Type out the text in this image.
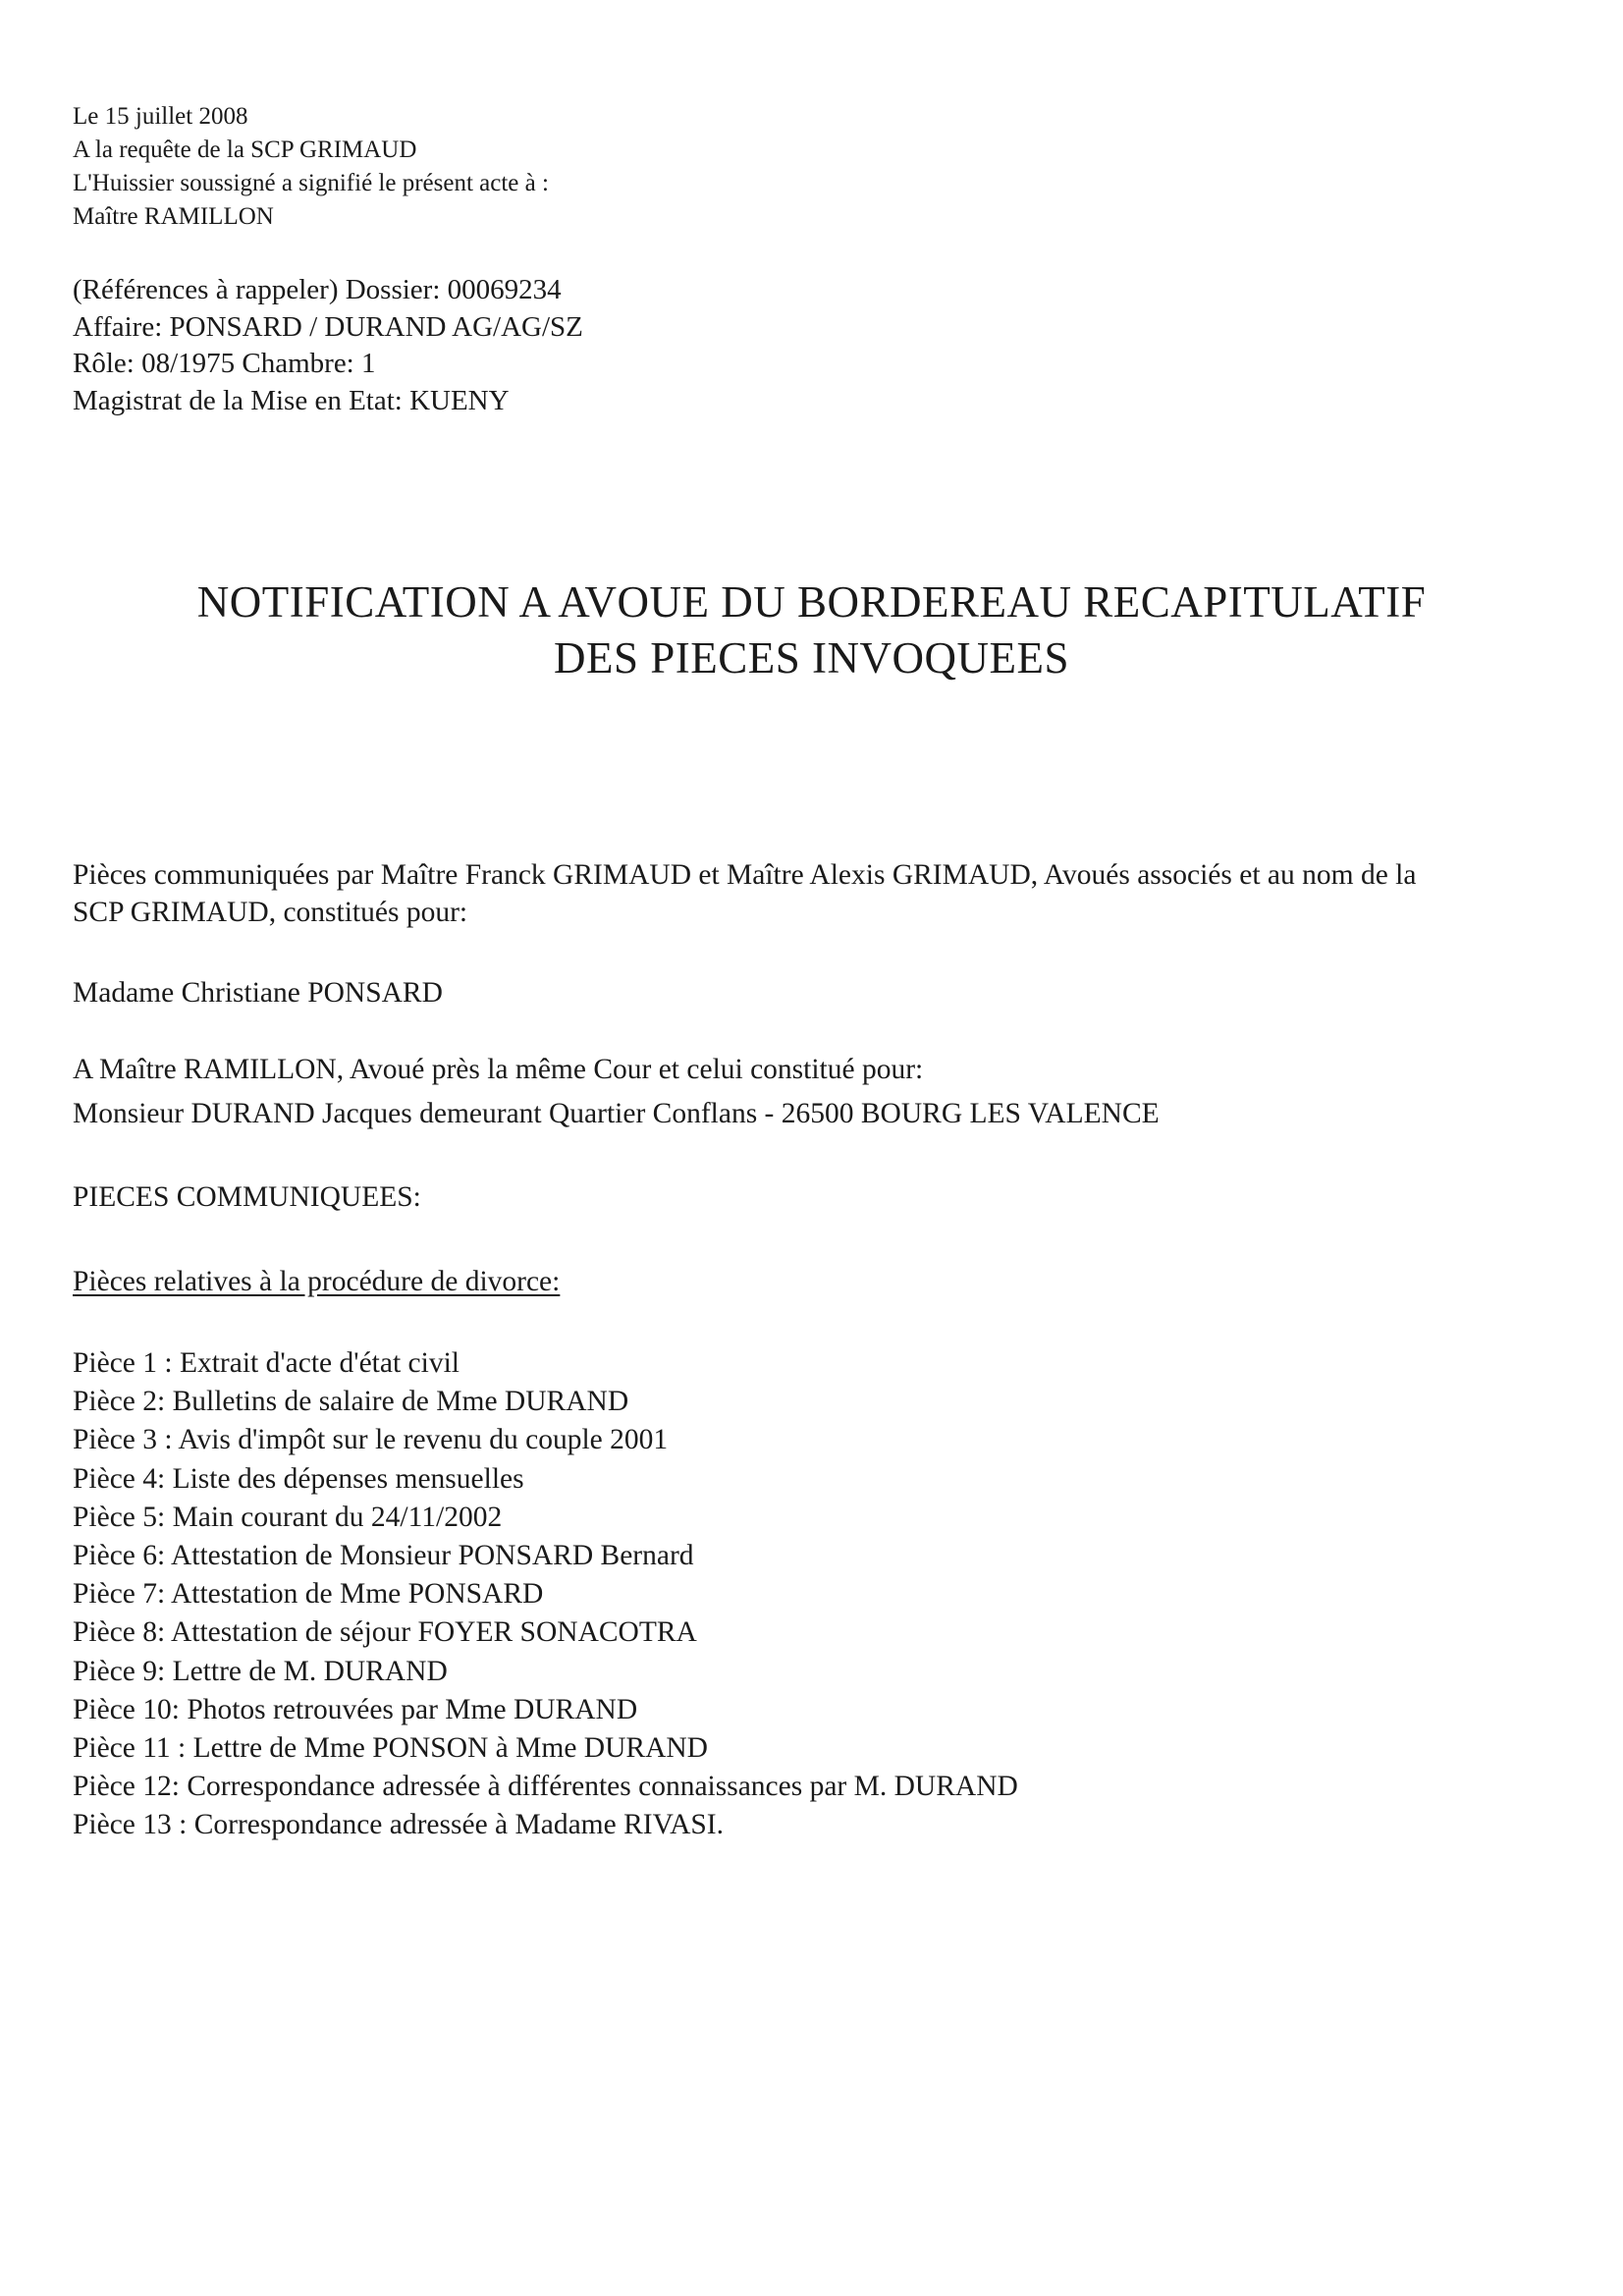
Le 15 juillet 2008
A la requête de la SCP GRIMAUD
L'Huissier soussigné a signifié le présent acte à :
Maître RAMILLON
(Références à rappeler) Dossier: 00069234
Affaire: PONSARD / DURAND AG/AG/SZ
Rôle: 08/1975 Chambre: 1
Magistrat de la Mise en Etat: KUENY
NOTIFICATION A AVOUE DU BORDEREAU RECAPITULATIF
DES PIECES INVOQUEES
Pièces communiquées par Maître Franck GRIMAUD et Maître Alexis GRIMAUD, Avoués associés et au nom de la SCP GRIMAUD, constitués pour:
Madame Christiane PONSARD
A Maître RAMILLON, Avoué près la même Cour et celui constitué pour:
Monsieur DURAND Jacques demeurant Quartier Conflans - 26500 BOURG LES VALENCE
PIECES COMMUNIQUEES:
Pièces relatives à la procédure de divorce:
Pièce 1 : Extrait d'acte d'état civil
Pièce 2: Bulletins de salaire de Mme DURAND
Pièce 3 : Avis d'impôt sur le revenu du couple 2001
Pièce 4: Liste des dépenses mensuelles
Pièce 5: Main courant du 24/11/2002
Pièce 6: Attestation de Monsieur PONSARD Bernard
Pièce 7: Attestation de Mme PONSARD
Pièce 8: Attestation de séjour FOYER SONACOTRA
Pièce 9: Lettre de M. DURAND
Pièce 10: Photos retrouvées par Mme DURAND
Pièce 11 : Lettre de Mme PONSON à Mme DURAND
Pièce 12: Correspondance adressée à différentes connaissances par M. DURAND
Pièce 13 : Correspondance adressée à Madame RIVASI.
